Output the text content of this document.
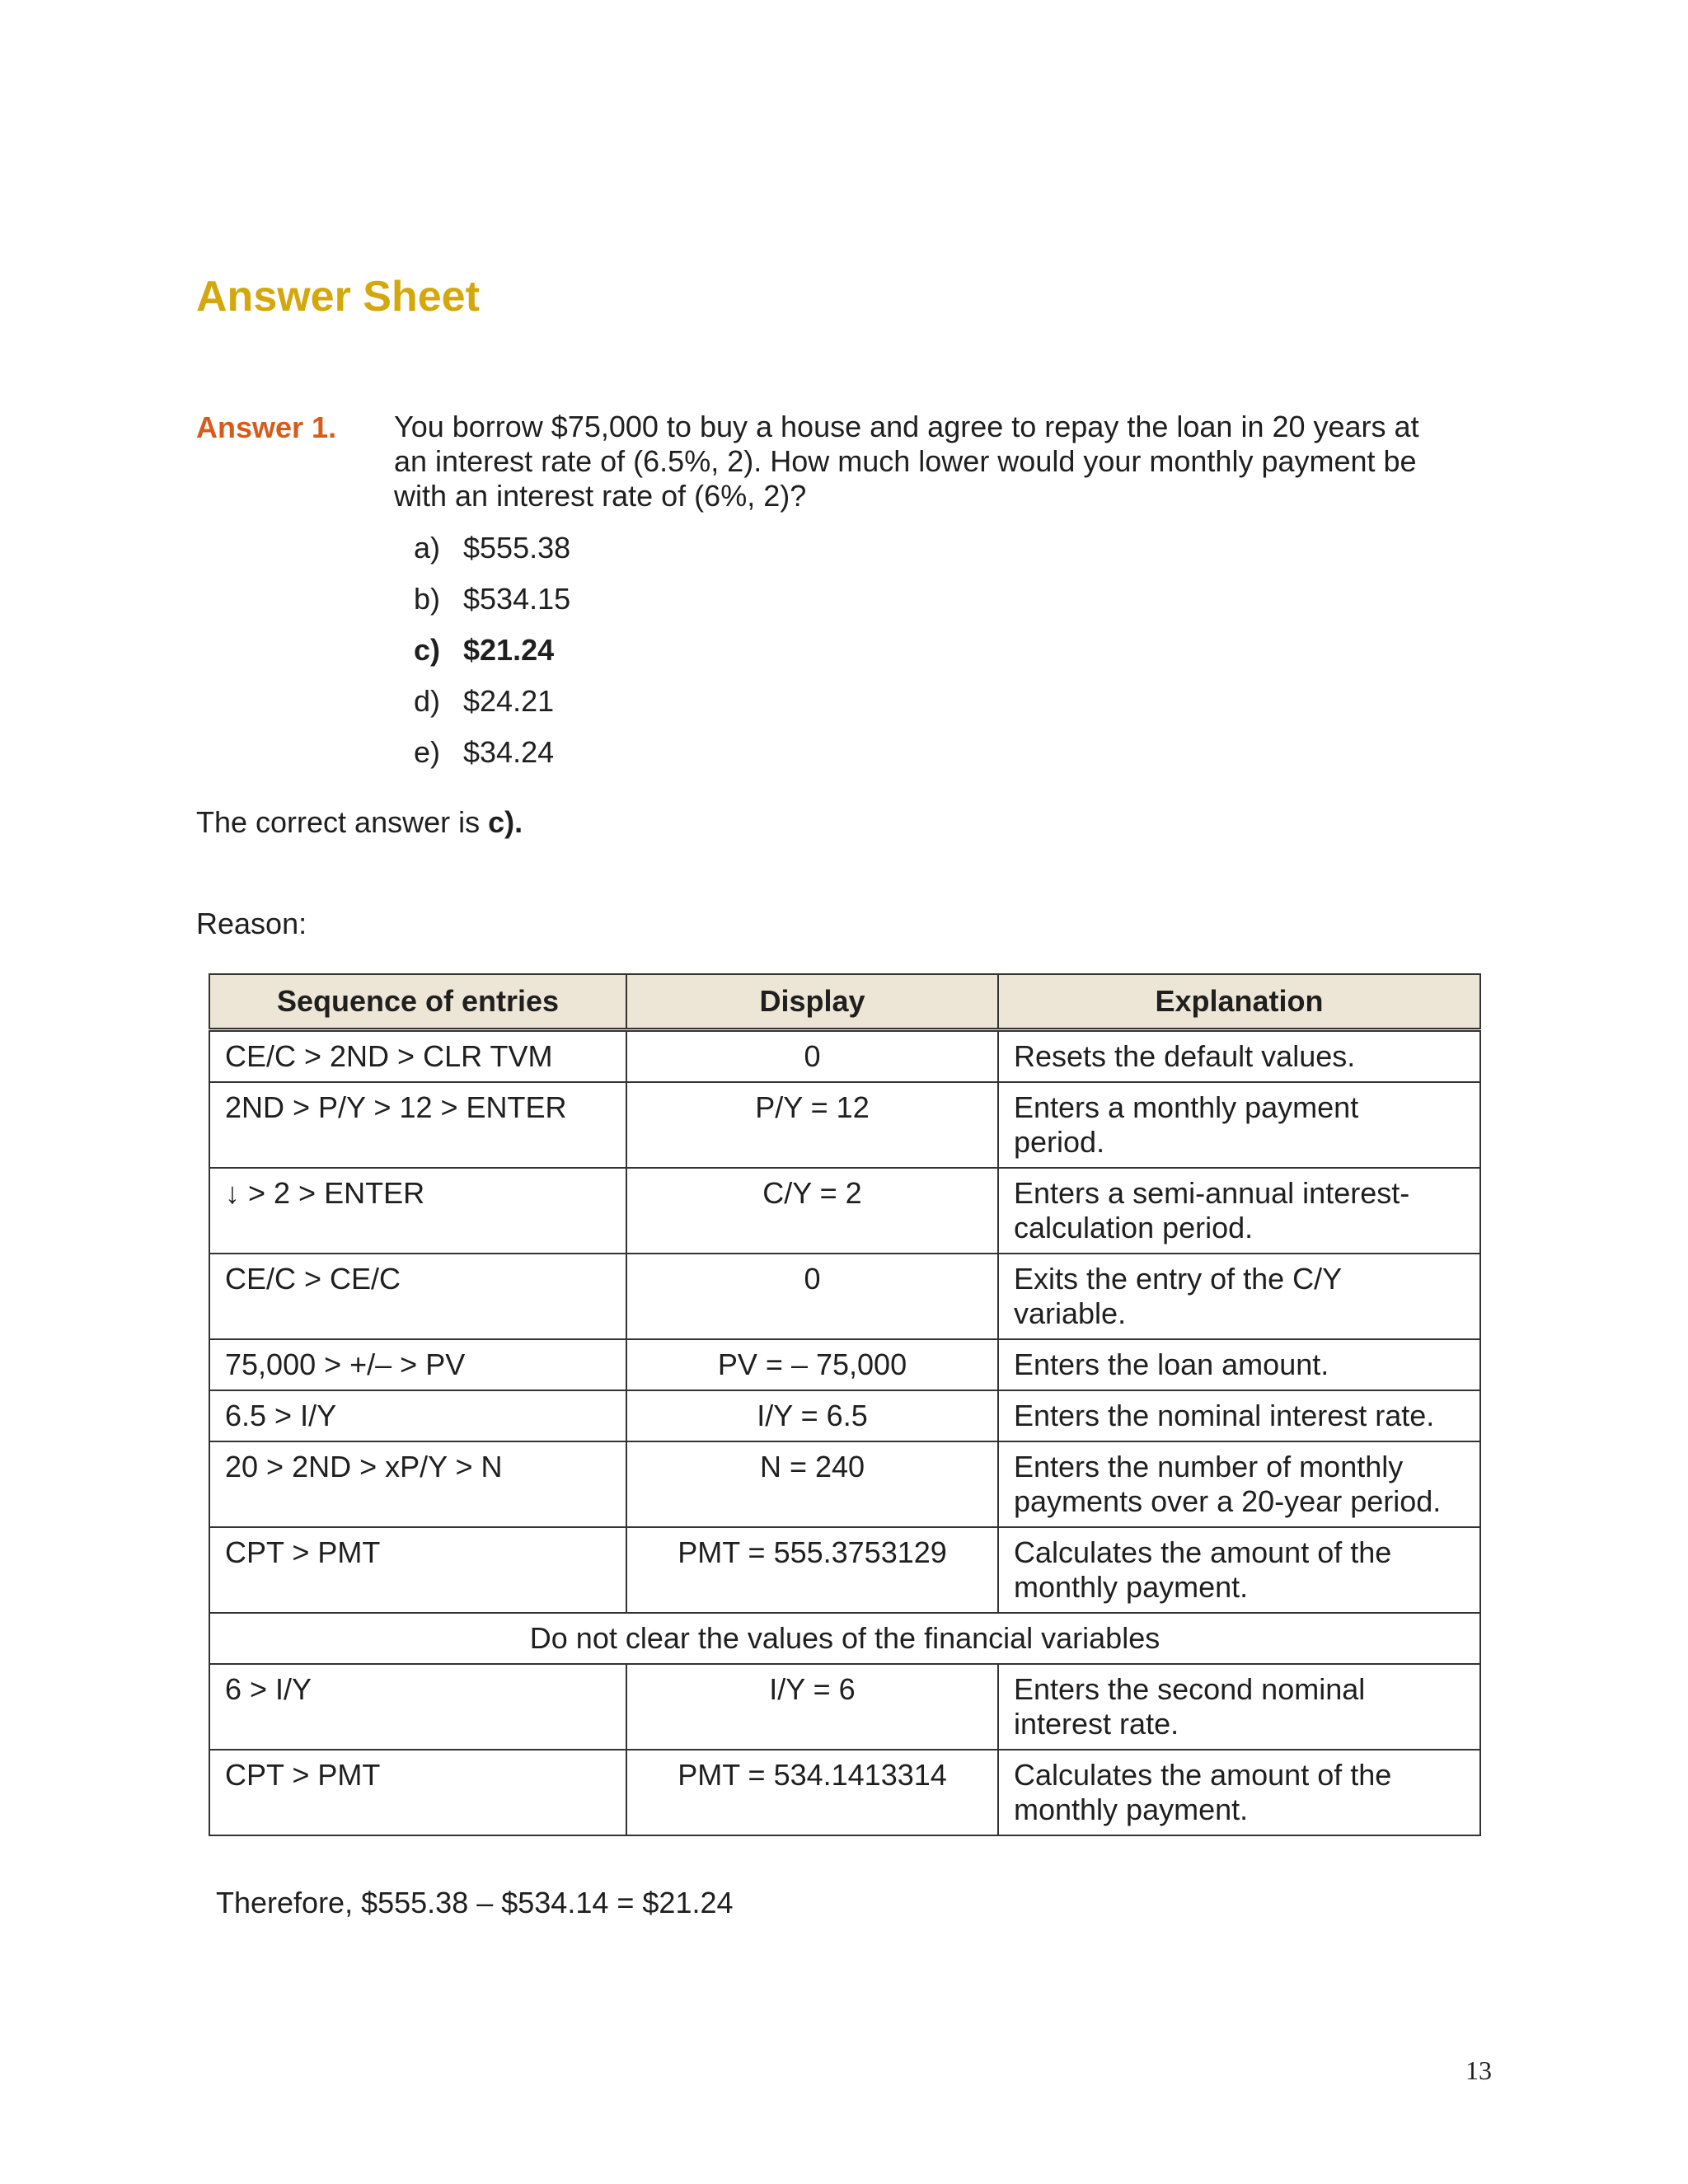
Answer Sheet
Answer 1. You borrow $75,000 to buy a house and agree to repay the loan in 20 years at
an interest rate of (6.5%, 2). How much lower would your monthly payment be
with an interest rate of (6%, 2)?
a) $555.38
b) $534.15
c) $21.24
d) $24.21
e) $34.24
The correct answer is c).
Reason:
Sequence of entries	Display	Explanation
CE/C > 2ND > CLR TVM	0	Resets the default values.

2ND > P/Y > 12 > ENTER	P/Y = 12	Enters a monthly payment
period.

↓ > 2 > ENTER	C/Y = 2	Enters a semi-annual interest-
calculation period.

CE/C > CE/C	0	Exits the entry of the C/Y
variable.

75,000 > +/– > PV	PV = – 75,000	Enters the loan amount.

6.5 > I/Y	I/Y = 6.5	Enters the nominal interest rate.

20 > 2ND > xP/Y > N	N = 240	Enters the number of monthly
payments over a 20-year period.

CPT > PMT	PMT = 555.3753129	Calculates the amount of the
monthly payment.

Do not clear the values of the financial variables		
6 > I/Y	I/Y = 6	Enters the second nominal
interest rate.

CPT > PMT	PMT = 534.1413314	Calculates the amount of the
monthly payment.
Therefore, $555.38 – $534.14 = $21.24
13
